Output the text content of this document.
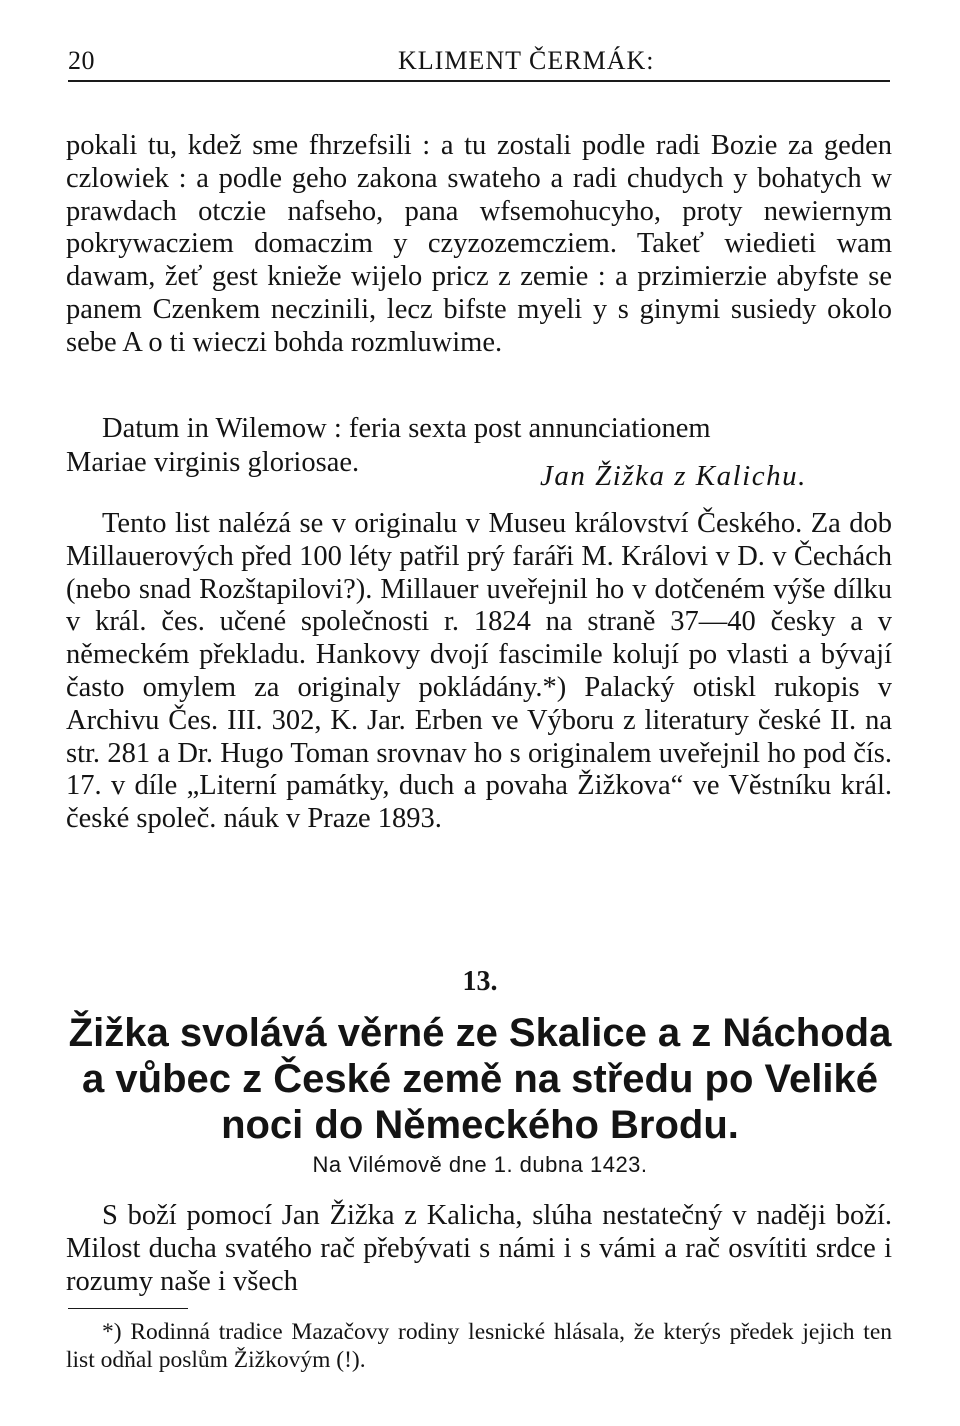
20	KLIMENT ČERMÁK:

pokali tu, kdež sme fhrzefsili : a tu zostali podle radi Bozie za geden czlowiek : a podle geho zakona swateho a radi chudych y bohatych w prawdach otczie nafseho, pana wfsemohucyho, proty newiernym pokrywacziem domaczim y czyzozemcziem. Takeť wiedieti wam dawam, žeť gest knieže wijelo pricz z zemie : a przimierzie abyfste se panem Czenkem neczinili, lecz bifste myeli y s ginymi susiedy okolo sebe A o ti wieczi bohda rozmluwime.

Datum in Wilemow : feria sexta post annunciationem

Mariae virginis gloriosae.	Jan Žižka z Kalichu.

Tento list nalézá se v originalu v Museu království Českého. Za dob Millauerových před 100 léty patřil prý faráři M. Královi v D. v Čechách (nebo snad Rozštapilovi?). Millauer uveřejnil ho v dotčeném výše dílku v král. čes. učené společnosti r. 1824 na straně 37—40 česky a v německém překladu. Hankovy dvojí fascimile kolují po vlasti a bývají často omylem za originaly pokládány.*) Palacký otiskl rukopis v Archivu Čes. III. 302, K. Jar. Erben ve Výboru z literatury české II. na str. 281 a Dr. Hugo Toman srovnav ho s originalem uveřejnil ho pod čís. 17. v díle „Literní památky, duch a povaha Žižkova“ ve Věstníku král. české společ. náuk v Praze 1893.

13.
Žižka svolává věrné ze Skalice a z Náchoda a vůbec z České země na středu po Veliké noci do Německého Brodu.
Na Vilémově dne 1. dubna 1423.

S boží pomocí Jan Žižka z Kalicha, slúha nestatečný v naději boží. Milost ducha svatého rač přebývati s námi i s vámi a rač osvítiti srdce i rozumy naše i všech

*) Rodinná tradice Mazačovy rodiny lesnické hlásala, že kterýs předek jejich ten list odňal poslům Žižkovým (!).
